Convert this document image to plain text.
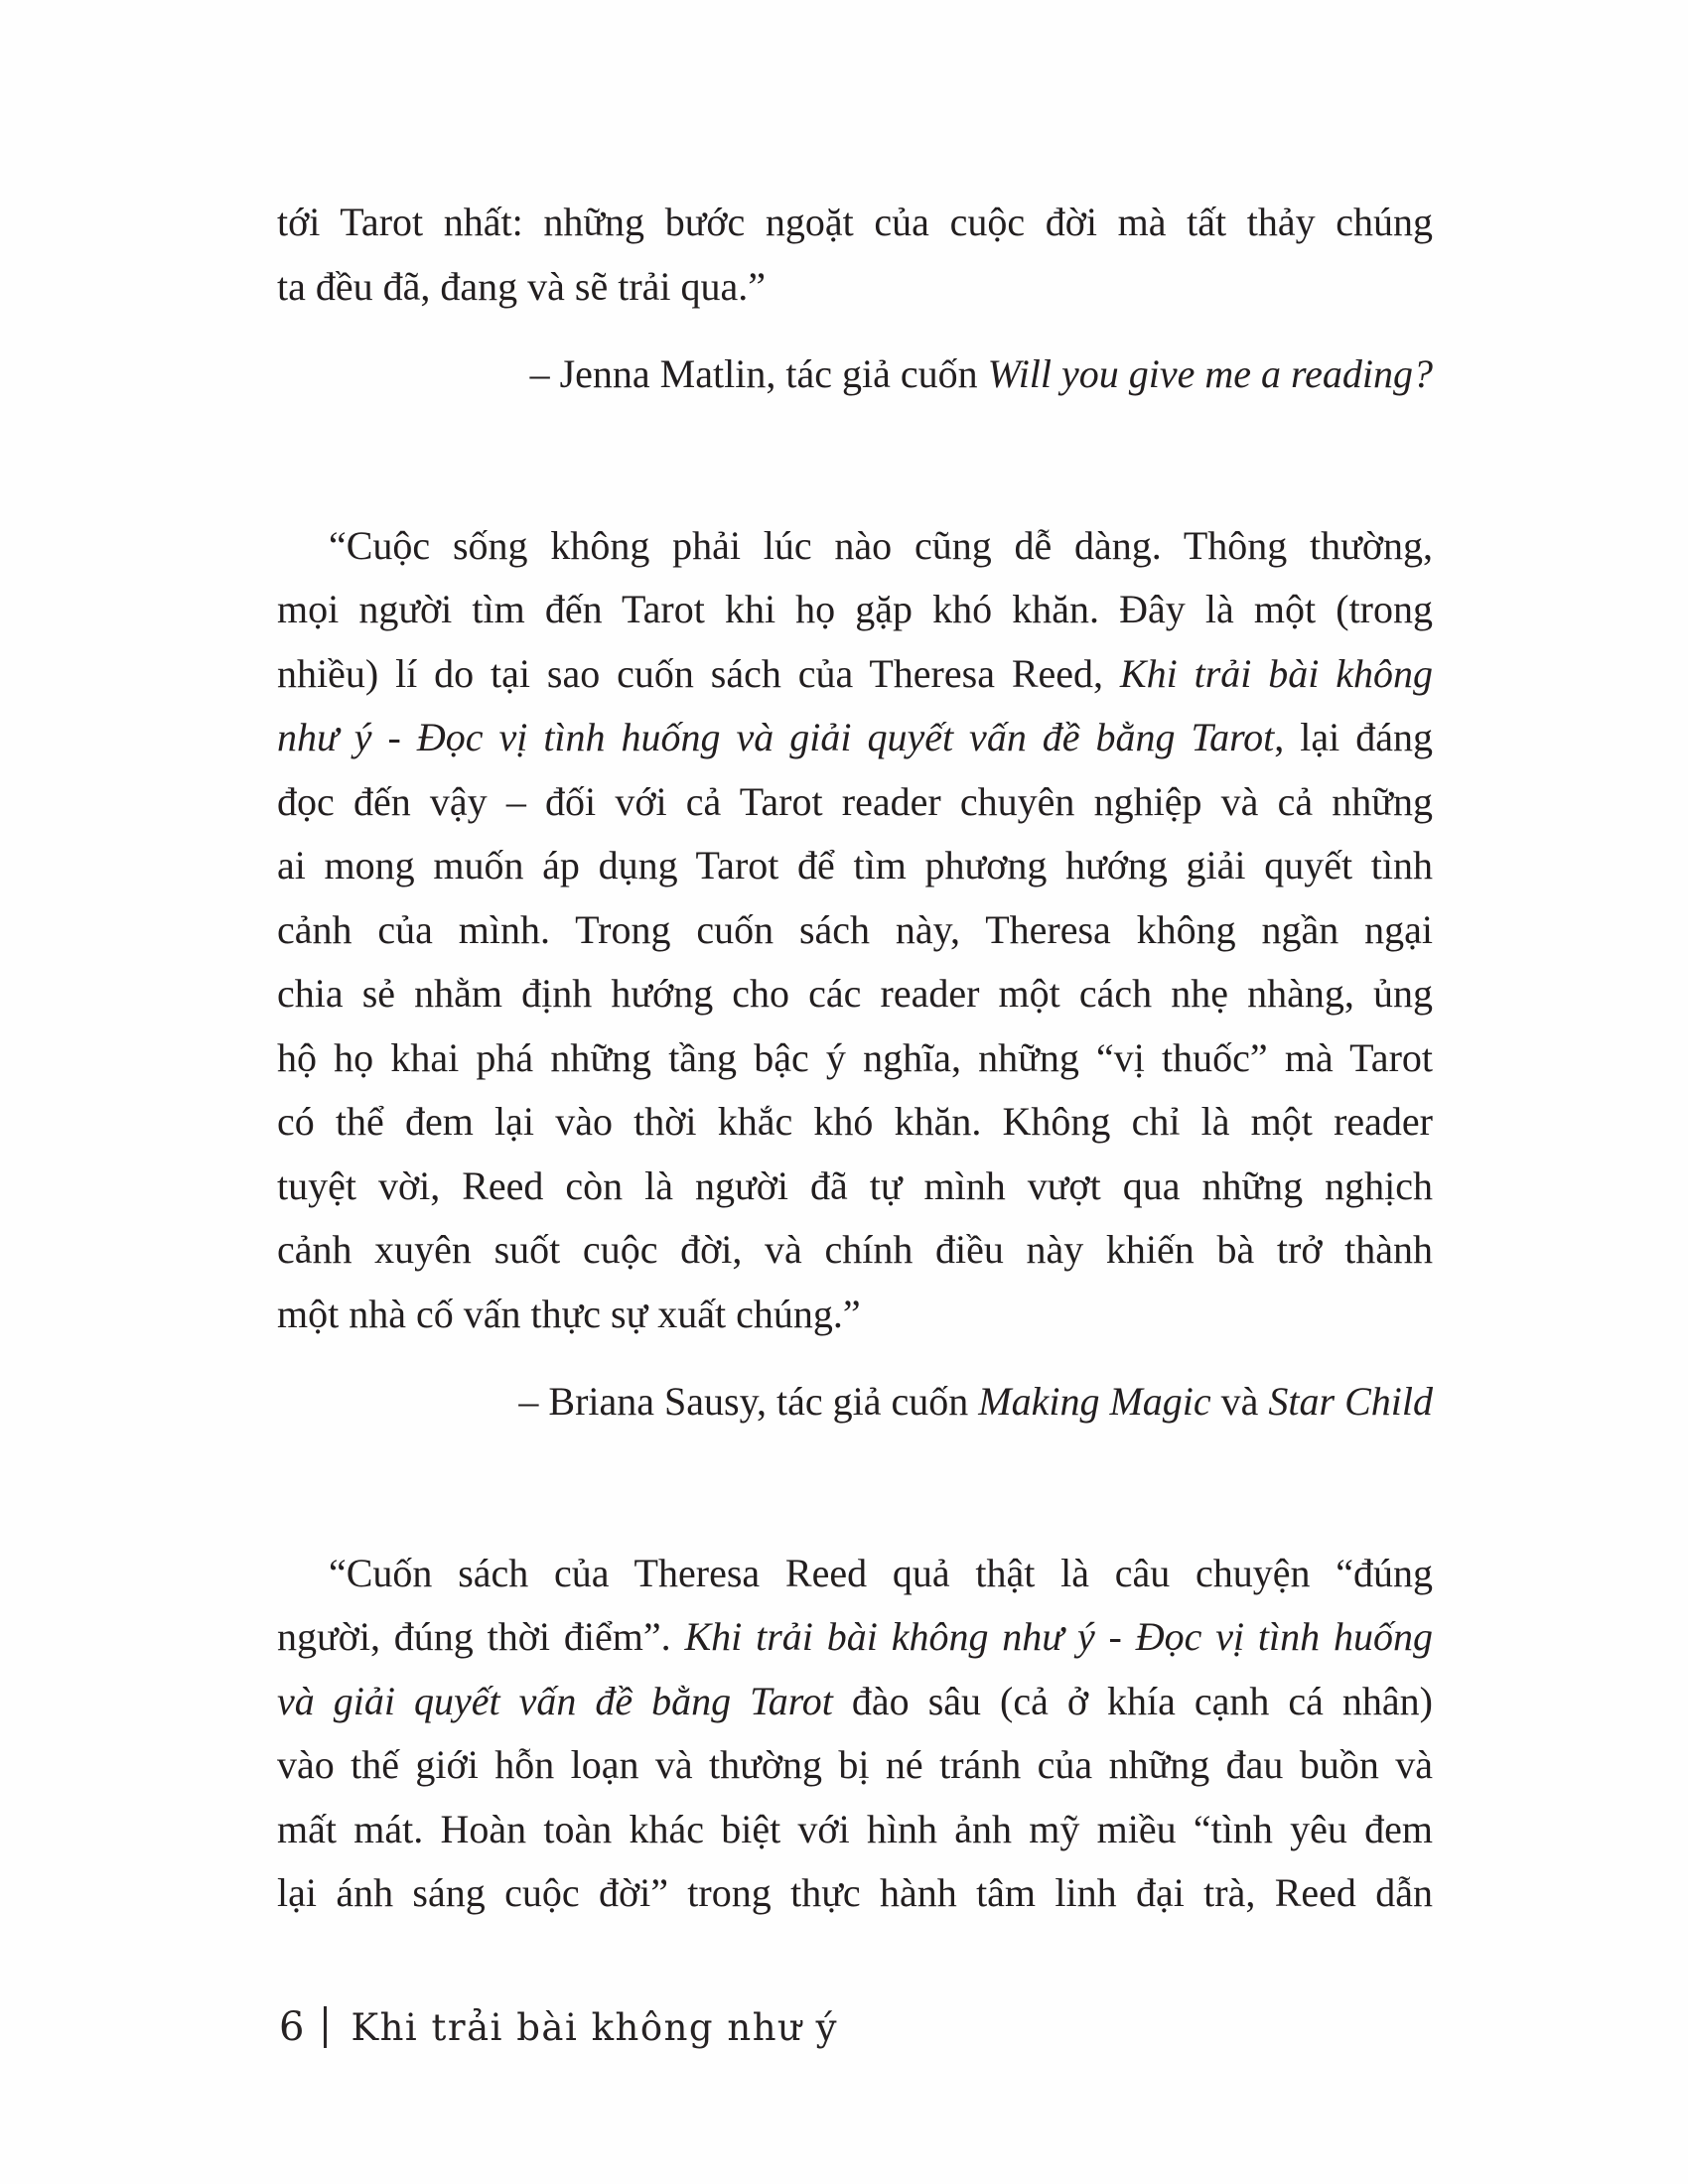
tới Tarot nhất: những bước ngoặt của cuộc đời mà tất thảy chúng
ta đều đã, đang và sẽ trải qua.”
– Jenna Matlin, tác giả cuốn Will you give me a reading?
“Cuộc sống không phải lúc nào cũng dễ dàng. Thông thường,
mọi người tìm đến Tarot khi họ gặp khó khăn. Đây là một (trong
nhiều) lí do tại sao cuốn sách của Theresa Reed, Khi trải bài không
như ý - Đọc vị tình huống và giải quyết vấn đề bằng Tarot, lại đáng
đọc đến vậy – đối với cả Tarot reader chuyên nghiệp và cả những
ai mong muốn áp dụng Tarot để tìm phương hướng giải quyết tình
cảnh của mình. Trong cuốn sách này, Theresa không ngần ngại
chia sẻ nhằm định hướng cho các reader một cách nhẹ nhàng, ủng
hộ họ khai phá những tầng bậc ý nghĩa, những “vị thuốc” mà Tarot
có thể đem lại vào thời khắc khó khăn. Không chỉ là một reader
tuyệt vời, Reed còn là người đã tự mình vượt qua những nghịch
cảnh xuyên suốt cuộc đời, và chính điều này khiến bà trở thành
một nhà cố vấn thực sự xuất chúng.”
– Briana Sausy, tác giả cuốn Making Magic và Star Child
“Cuốn sách của Theresa Reed quả thật là câu chuyện “đúng
người, đúng thời điểm”. Khi trải bài không như ý - Đọc vị tình huống
và giải quyết vấn đề bằng Tarot đào sâu (cả ở khía cạnh cá nhân)
vào thế giới hỗn loạn và thường bị né tránh của những đau buồn và
mất mát. Hoàn toàn khác biệt với hình ảnh mỹ miều “tình yêu đem
lại ánh sáng cuộc đời” trong thực hành tâm linh đại trà, Reed dẫn
6 Khi trải bài không như ý
